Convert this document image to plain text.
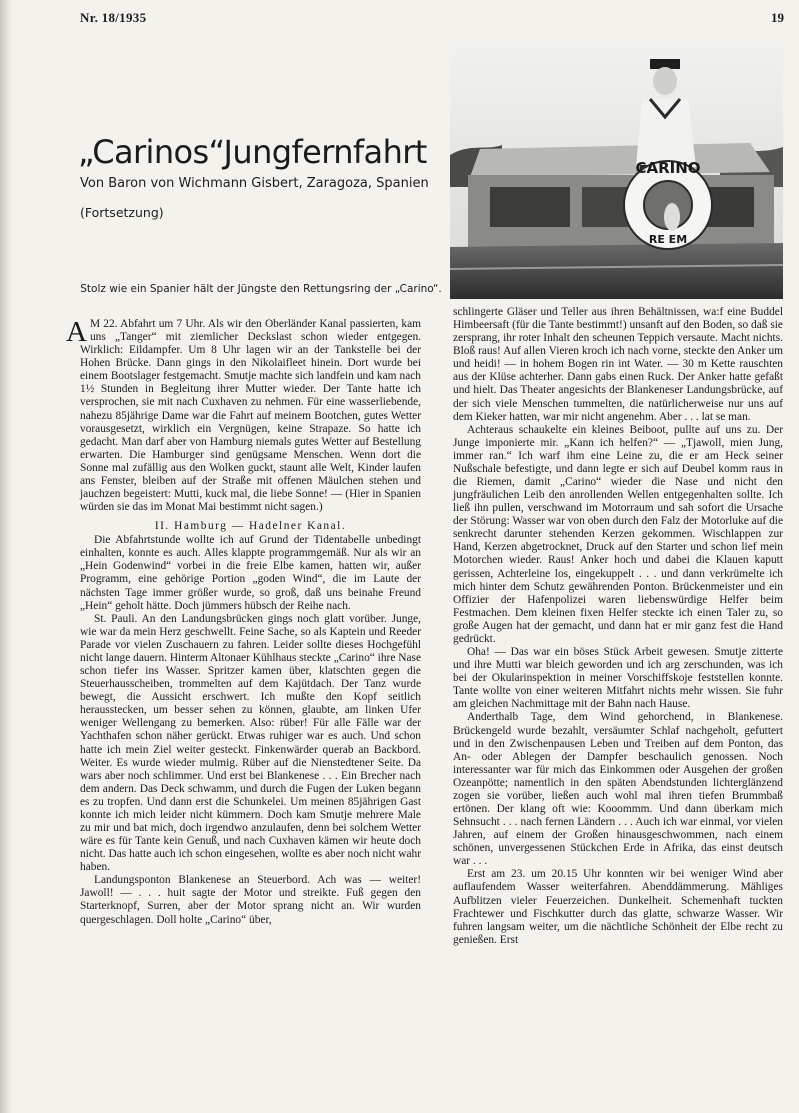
Nr. 18/1935	19
„Carinos“Jungfernfahrt
Von Baron von Wichmann Gisbert, Zaragoza, Spanien
(Fortsetzung)
CARINO
RE EM
Stolz wie ein Spanier hält der Jüngste den Rettungsring der „Carino“.

A M 22. Abfahrt um 7 Uhr. Als wir den Oberländer Kanal passierten, kam uns „Tanger“ mit ziemlicher Deckslast schon wieder entgegen. Wirklich: Eildampfer. Um 8 Uhr lagen wir an der Tankstelle bei der Hohen Brücke. Dann gings in den Nikolaifleet hinein. Dort wurde bei einem Bootslager festgemacht. Smutje machte sich landfein und kam nach 1½ Stunden in Begleitung ihrer Mutter wieder. Der Tante hatte ich versprochen, sie mit nach Cuxhaven zu nehmen. Für eine wasserliebende, nahezu 85jährige Dame war die Fahrt auf meinem Bootchen, gutes Wetter vorausgesetzt, wirklich ein Vergnügen, keine Strapaze. So hatte ich gedacht. Man darf aber von Hamburg niemals gutes Wetter auf Bestellung erwarten. Die Hamburger sind genügsame Menschen. Wenn dort die Sonne mal zufällig aus den Wolken guckt, staunt alle Welt, Kinder laufen ans Fenster, bleiben auf der Straße mit offenen Mäulchen stehen und jauchzen begeistert: Mutti, kuck mal, die liebe Sonne! — (Hier in Spanien würden sie das im Monat Mai bestimmt nicht sagen.)

II. Hamburg — Hadelner Kanal.

Die Abfahrtstunde wollte ich auf Grund der Tidentabelle unbedingt einhalten, konnte es auch. Alles klappte programmgemäß. Nur als wir an „Hein Godenwind“ vorbei in die freie Elbe kamen, hatten wir, außer Programm, eine gehörige Portion „goden Wind“, die im Laute der nächsten Tage immer größer wurde, so groß, daß uns beinahe Freund „Hein“ geholt hätte. Doch jümmers hübsch der Reihe nach.

St. Pauli. An den Landungsbrücken gings noch glatt vorüber. Junge, wie war da mein Herz geschwellt. Feine Sache, so als Kaptein und Reeder Parade vor vielen Zuschauern zu fahren. Leider sollte dieses Hochgefühl nicht lange dauern. Hinterm Altonaer Kühlhaus steckte „Carino“ ihre Nase schon tiefer ins Wasser. Spritzer kamen über, klatschten gegen die Steuerhausscheiben, trommelten auf dem Kajütdach. Der Tanz wurde bewegt, die Aussicht erschwert. Ich mußte den Kopf seitlich herausstecken, um besser sehen zu können, glaubte, am linken Ufer weniger Wellengang zu bemerken. Also: rüber! Für alle Fälle war der Yachthafen schon näher gerückt. Etwas ruhiger war es auch. Und schon hatte ich mein Ziel weiter gesteckt. Finkenwärder querab an Backbord. Weiter. Es wurde wieder mulmig. Rüber auf die Nienstedtener Seite. Da wars aber noch schlimmer. Und erst bei Blankenese . . . Ein Brecher nach dem andern. Das Deck schwamm, und durch die Fugen der Luken begann es zu tropfen. Und dann erst die Schunkelei. Um meinen 85jährigen Gast konnte ich mich leider nicht kümmern. Doch kam Smutje mehrere Male zu mir und bat mich, doch irgendwo anzulaufen, denn bei solchem Wetter wäre es für Tante kein Genuß, und nach Cuxhaven kämen wir heute doch nicht. Das hatte auch ich schon eingesehen, wollte es aber noch nicht wahr haben.

Landungsponton Blankenese an Steuerbord. Ach was — weiter! Jawoll! — . . . huit sagte der Motor und streikte. Fuß gegen den Starterknopf, Surren, aber der Motor sprang nicht an. Wir wurden quergeschlagen. Doll holte „Carino“ über,

schlingerte Gläser und Teller aus ihren Behältnissen, wa:f eine Buddel Himbeersaft (für die Tante bestimmt!) unsanft auf den Boden, so daß sie zersprang, ihr roter Inhalt den scheunen Teppich versaute. Macht nichts. Bloß raus! Auf allen Vieren kroch ich nach vorne, steckte den Anker um und heidi! — in hohem Bogen rin int Water. — 30 m Kette rauschten aus der Klüse achterher. Dann gabs einen Ruck. Der Anker hatte gefaßt und hielt. Das Theater angesichts der Blankeneser Landungsbrücke, auf der sich viele Menschen tummelten, die natürlicherweise nur uns auf dem Kieker hatten, war mir nicht angenehm. Aber . . . lat se man.

Achteraus schaukelte ein kleines Beiboot, pullte auf uns zu. Der Junge imponierte mir. „Kann ich helfen?“ — „Tjawoll, mien Jung, immer ran.“ Ich warf ihm eine Leine zu, die er am Heck seiner Nußschale befestigte, und dann legte er sich auf Deubel komm raus in die Riemen, damit „Carino“ wieder die Nase und nicht den jungfräulichen Leib den anrollenden Wellen entgegenhalten sollte. Ich ließ ihn pullen, verschwand im Motorraum und sah sofort die Ursache der Störung: Wasser war von oben durch den Falz der Motorluke auf die senkrecht darunter stehenden Kerzen gekommen. Wischlappen zur Hand, Kerzen abgetrocknet, Druck auf den Starter und schon lief mein Motorchen wieder. Raus! Anker hoch und dabei die Klauen kaputt gerissen, Achterleine los, eingekuppelt . . . und dann verkrümelte ich mich hinter dem Schutz gewährenden Ponton. Brückenmeister und ein Offizier der Hafenpolizei waren liebenswürdige Helfer beim Festmachen. Dem kleinen fixen Helfer steckte ich einen Taler zu, so große Augen hat der gemacht, und dann hat er mir ganz fest die Hand gedrückt.

Oha! — Das war ein böses Stück Arbeit gewesen. Smutje zitterte und ihre Mutti war bleich geworden und ich arg zerschunden, was ich bei der Okularinspektion in meiner Vorschiffskoje feststellen konnte. Tante wollte von einer weiteren Mitfahrt nichts mehr wissen. Sie fuhr am gleichen Nachmittage mit der Bahn nach Hause.

Anderthalb Tage, dem Wind gehorchend, in Blankenese. Brückengeld wurde bezahlt, versäumter Schlaf nachgeholt, gefuttert und in den Zwischenpausen Leben und Treiben auf dem Ponton, das An- oder Ablegen der Dampfer beschaulich genossen. Noch interessanter war für mich das Einkommen oder Ausgehen der großen Ozeanpötte; namentlich in den späten Abendstunden lichterglänzend zogen sie vorüber, ließen auch wohl mal ihren tiefen Brummbaß ertönen. Der klang oft wie: Kooommm. Und dann überkam mich Sehnsucht . . . nach fernen Ländern . . . Auch ich war einmal, vor vielen Jahren, auf einem der Großen hinausgeschwommen, nach einem schönen, unvergessenen Stückchen Erde in Afrika, das einst deutsch war . . .

Erst am 23. um 20.15 Uhr konnten wir bei weniger Wind aber auflaufendem Wasser weiterfahren. Abenddämmerung. Mähliges Aufblitzen vieler Feuerzeichen. Dunkelheit. Schemenhaft tuckten Frachtewer und Fischkutter durch das glatte, schwarze Wasser. Wir fuhren langsam weiter, um die nächtliche Schönheit der Elbe recht zu genießen. Erst
